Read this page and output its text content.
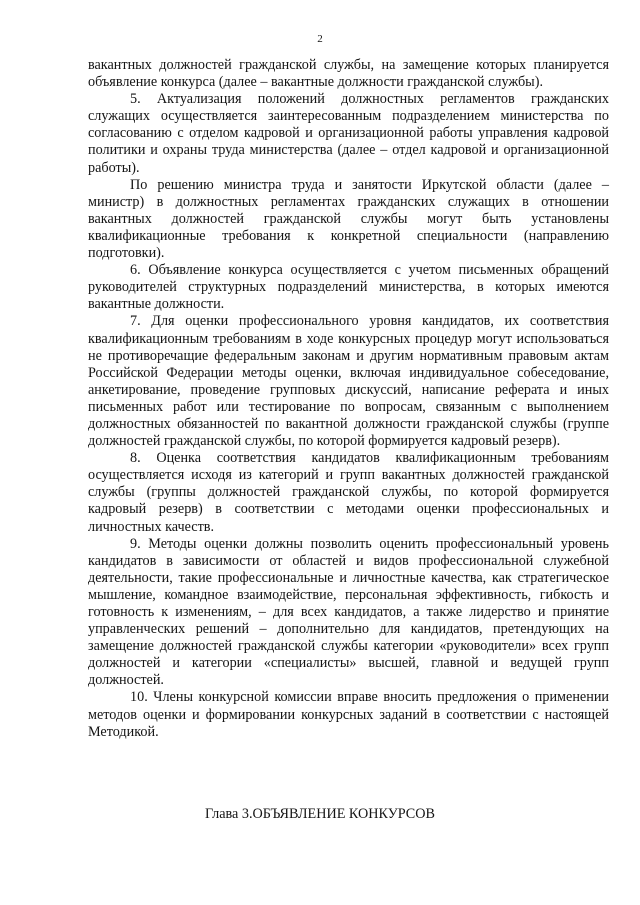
2

вакантных должностей гражданской службы, на замещение которых планируется объявление конкурса (далее – вакантные должности гражданской службы).

5. Актуализация положений должностных регламентов гражданских служащих осуществляется заинтересованным подразделением министерства по согласованию с отделом кадровой и организационной работы управления кадровой политики и охраны труда министерства (далее – отдел кадровой и организационной работы).

По решению министра труда и занятости Иркутской области (далее – министр) в должностных регламентах гражданских служащих в отношении вакантных должностей гражданской службы могут быть установлены квалификационные требования к конкретной специальности (направлению подготовки).

6. Объявление конкурса осуществляется с учетом письменных обращений руководителей структурных подразделений министерства, в которых имеются вакантные должности.

7. Для оценки профессионального уровня кандидатов, их соответствия квалификационным требованиям в ходе конкурсных процедур могут использоваться не противоречащие федеральным законам и другим нормативным правовым актам Российской Федерации методы оценки, включая индивидуальное собеседование, анкетирование, проведение групповых дискуссий, написание реферата и иных письменных работ или тестирование по вопросам, связанным с выполнением должностных обязанностей по вакантной должности гражданской службы (группе должностей гражданской службы, по которой формируется кадровый резерв).

8. Оценка соответствия кандидатов квалификационным требованиям осуществляется исходя из категорий и групп вакантных должностей гражданской службы (группы должностей гражданской службы, по которой формируется кадровый резерв) в соответствии с методами оценки профессиональных и личностных качеств.

9. Методы оценки должны позволить оценить профессиональный уровень кандидатов в зависимости от областей и видов профессиональной служебной деятельности, такие профессиональные и личностные качества, как стратегическое мышление, командное взаимодействие, персональная эффективность, гибкость и готовность к изменениям, – для всех кандидатов, а также лидерство и принятие управленческих решений – дополнительно для кандидатов, претендующих на замещение должностей гражданской службы категории «руководители» всех групп должностей и категории «специалисты» высшей, главной и ведущей групп должностей.

10. Члены конкурсной комиссии вправе вносить предложения о применении методов оценки и формировании конкурсных заданий в соответствии с настоящей Методикой.

Глава 3.ОБЪЯВЛЕНИЕ КОНКУРСОВ
